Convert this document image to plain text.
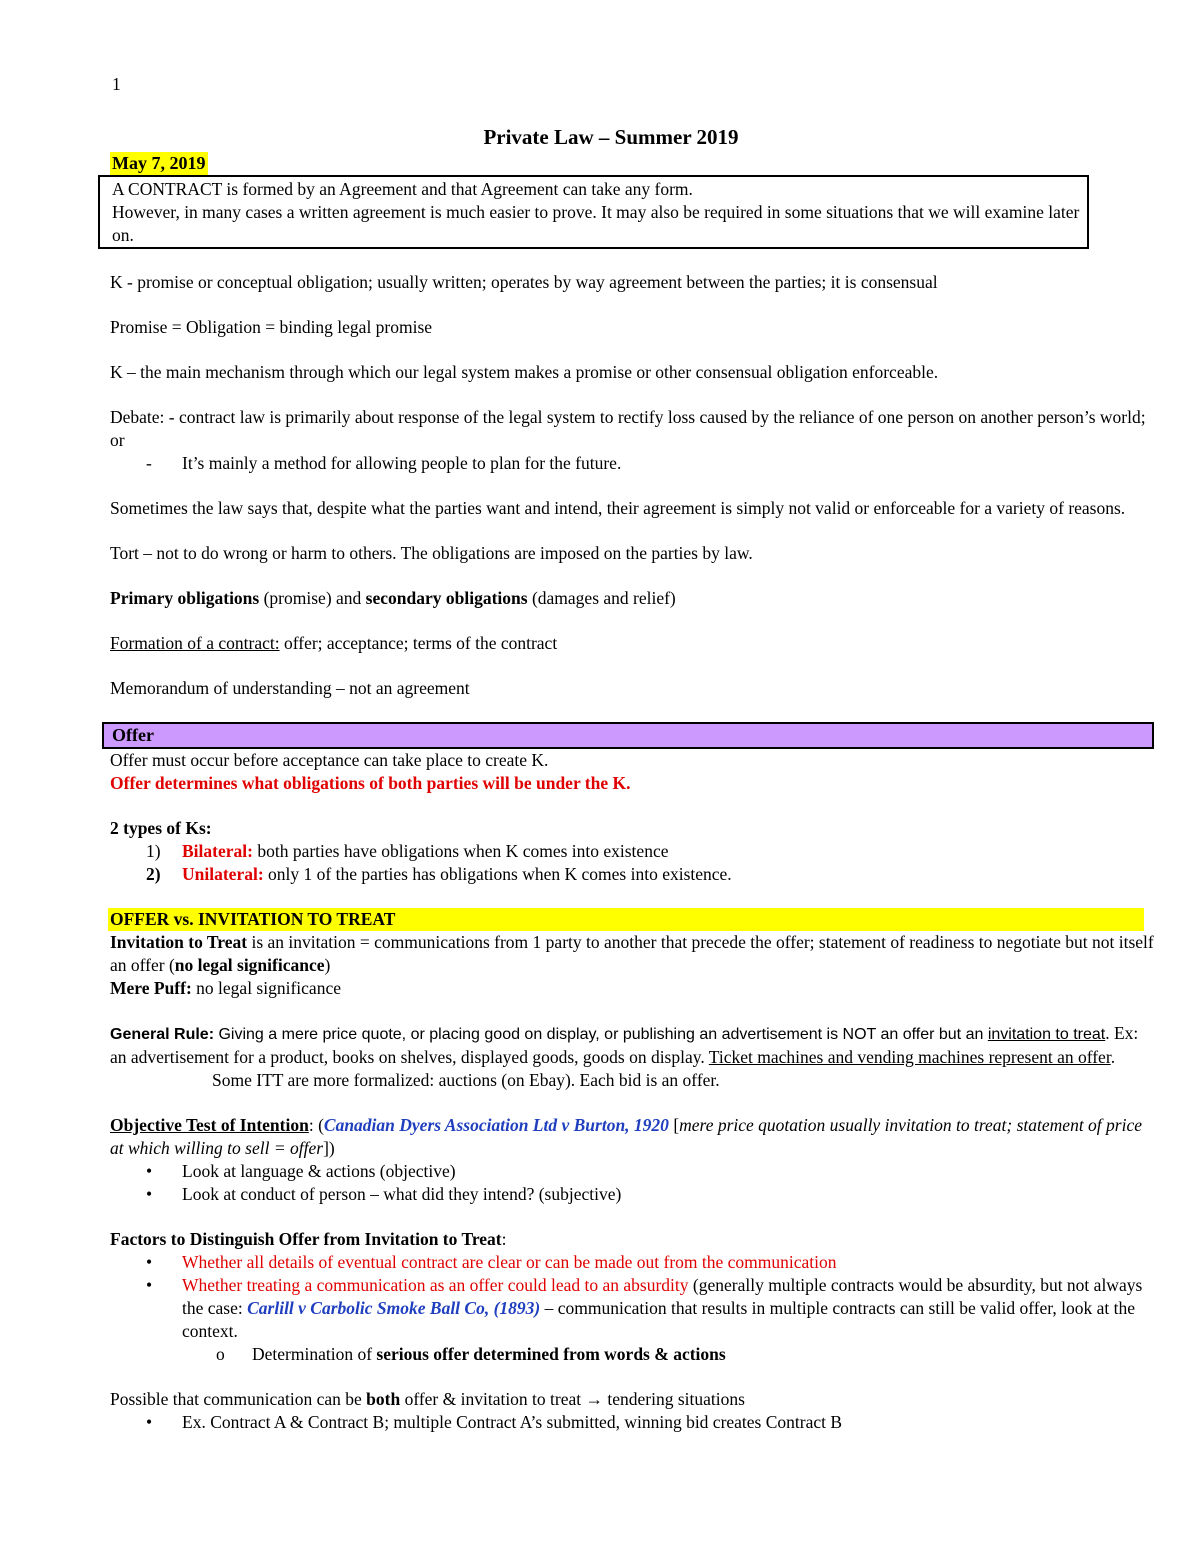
1
Private Law – Summer 2019
May 7, 2019
A CONTRACT is formed by an Agreement and that Agreement can take any form.
However, in many cases a written agreement is much easier to prove. It may also be required in some situations that we will examine later on.
K - promise or conceptual obligation; usually written; operates by way agreement between the parties; it is consensual
Promise = Obligation = binding legal promise
K – the main mechanism through which our legal system makes a promise or other consensual obligation enforceable.
Debate: - contract law is primarily about response of the legal system to rectify loss caused by the reliance of one person on another person’s world; or
- It’s mainly a method for allowing people to plan for the future.
Sometimes the law says that, despite what the parties want and intend, their agreement is simply not valid or enforceable for a variety of reasons.
Tort – not to do wrong or harm to others. The obligations are imposed on the parties by law.
Primary obligations (promise) and secondary obligations (damages and relief)
Formation of a contract: offer; acceptance; terms of the contract
Memorandum of understanding – not an agreement
Offer
Offer must occur before acceptance can take place to create K.
Offer determines what obligations of both parties will be under the K.
2 types of Ks:
1) Bilateral: both parties have obligations when K comes into existence
2) Unilateral: only 1 of the parties has obligations when K comes into existence.
OFFER vs. INVITATION TO TREAT
Invitation to Treat is an invitation = communications from 1 party to another that precede the offer; statement of readiness to negotiate but not itself an offer (no legal significance)
Mere Puff: no legal significance
General Rule: Giving a mere price quote, or placing good on display, or publishing an advertisement is NOT an offer but an invitation to treat. Ex: an advertisement for a product, books on shelves, displayed goods, goods on display. Ticket machines and vending machines represent an offer.Some ITT are more formalized: auctions (on Ebay). Each bid is an offer.
Objective Test of Intention: (Canadian Dyers Association Ltd v Burton, 1920 [mere price quotation usually invitation to treat; statement of price at which willing to sell = offer])
• Look at language & actions (objective)
• Look at conduct of person – what did they intend? (subjective)
Factors to Distinguish Offer from Invitation to Treat:
• Whether all details of eventual contract are clear or can be made out from the communication
• Whether treating a communication as an offer could lead to an absurdity (generally multiple contracts would be absurdity, but not always the case: Carlill v Carbolic Smoke Ball Co, (1893) – communication that results in multiple contracts can still be valid offer, look at the context.
o Determination of serious offer determined from words & actions
Possible that communication can be both offer & invitation to treat → tendering situations
• Ex. Contract A & Contract B; multiple Contract A’s submitted, winning bid creates Contract B
